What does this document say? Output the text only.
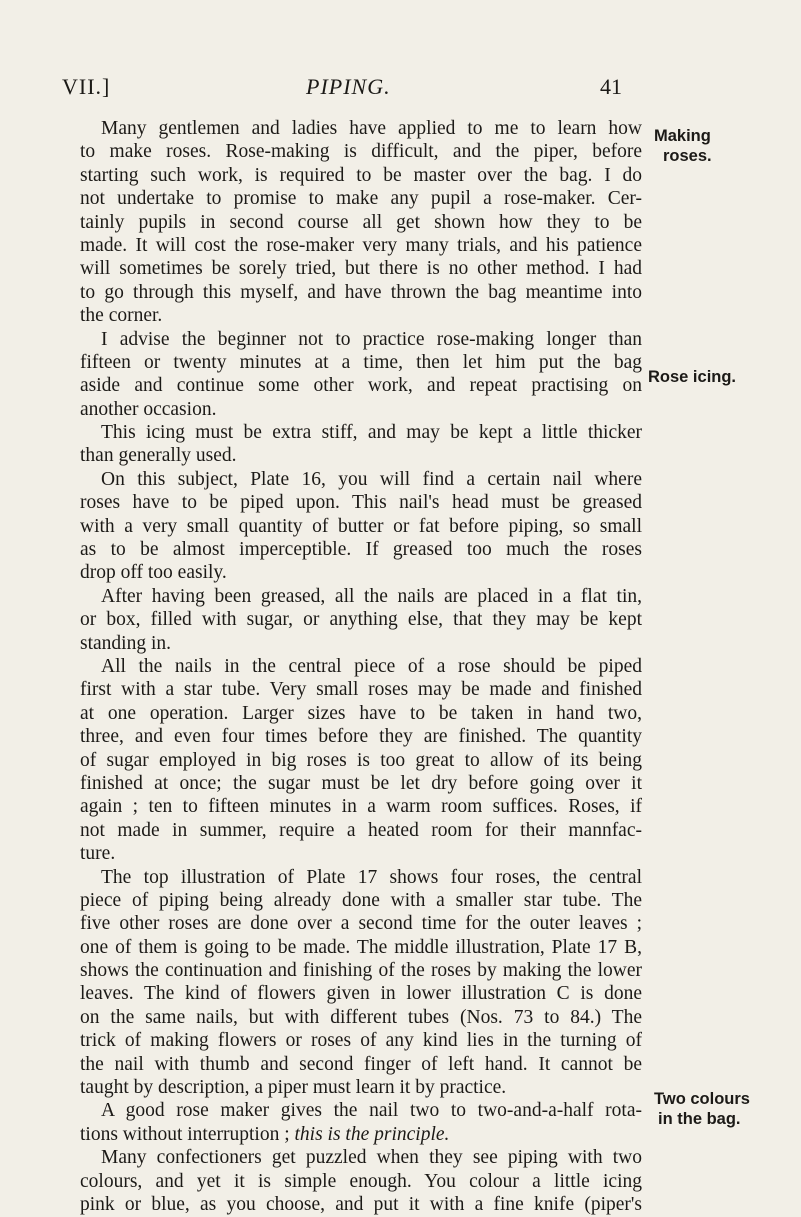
VII.]	PIPING.	41
Many gentlemen and ladies have applied to me to learn how
to make roses. Rose-making is difficult, and the piper, before
starting such work, is required to be master over the bag. I do
not undertake to promise to make any pupil a rose-maker. Cer-
tainly pupils in second course all get shown how they to be
made. It will cost the rose-maker very many trials, and his patience
will sometimes be sorely tried, but there is no other method. I had
to go through this myself, and have thrown the bag meantime into
the corner.
I advise the beginner not to practice rose-making longer than
fifteen or twenty minutes at a time, then let him put the bag
aside and continue some other work, and repeat practising on
another occasion.
This icing must be extra stiff, and may be kept a little thicker
than generally used.
On this subject, Plate 16, you will find a certain nail where
roses have to be piped upon. This nail's head must be greased
with a very small quantity of butter or fat before piping, so small
as to be almost imperceptible. If greased too much the roses
drop off too easily.
After having been greased, all the nails are placed in a flat tin,
or box, filled with sugar, or anything else, that they may be kept
standing in.
All the nails in the central piece of a rose should be piped
first with a star tube. Very small roses may be made and finished
at one operation. Larger sizes have to be taken in hand two,
three, and even four times before they are finished. The quantity
of sugar employed in big roses is too great to allow of its being
finished at once; the sugar must be let dry before going over it
again ; ten to fifteen minutes in a warm room suffices. Roses, if
not made in summer, require a heated room for their mannfac-
ture.
The top illustration of Plate 17 shows four roses, the central
piece of piping being already done with a smaller star tube. The
five other roses are done over a second time for the outer leaves ;
one of them is going to be made. The middle illustration, Plate 17 B,
shows the continuation and finishing of the roses by making the lower
leaves. The kind of flowers given in lower illustration C is done
on the same nails, but with different tubes (Nos. 73 to 84.) The
trick of making flowers or roses of any kind lies in the turning of
the nail with thumb and second finger of left hand. It cannot be
taught by description, a piper must learn it by practice.
A good rose maker gives the nail two to two-and-a-half rota-
tions without interruption ; this is the principle.
Many confectioners get puzzled when they see piping with two
colours, and yet it is simple enough. You colour a little icing
pink or blue, as you choose, and put it with a fine knife (piper's
Making
roses.
Rose icing.
Two colours
in the bag.
